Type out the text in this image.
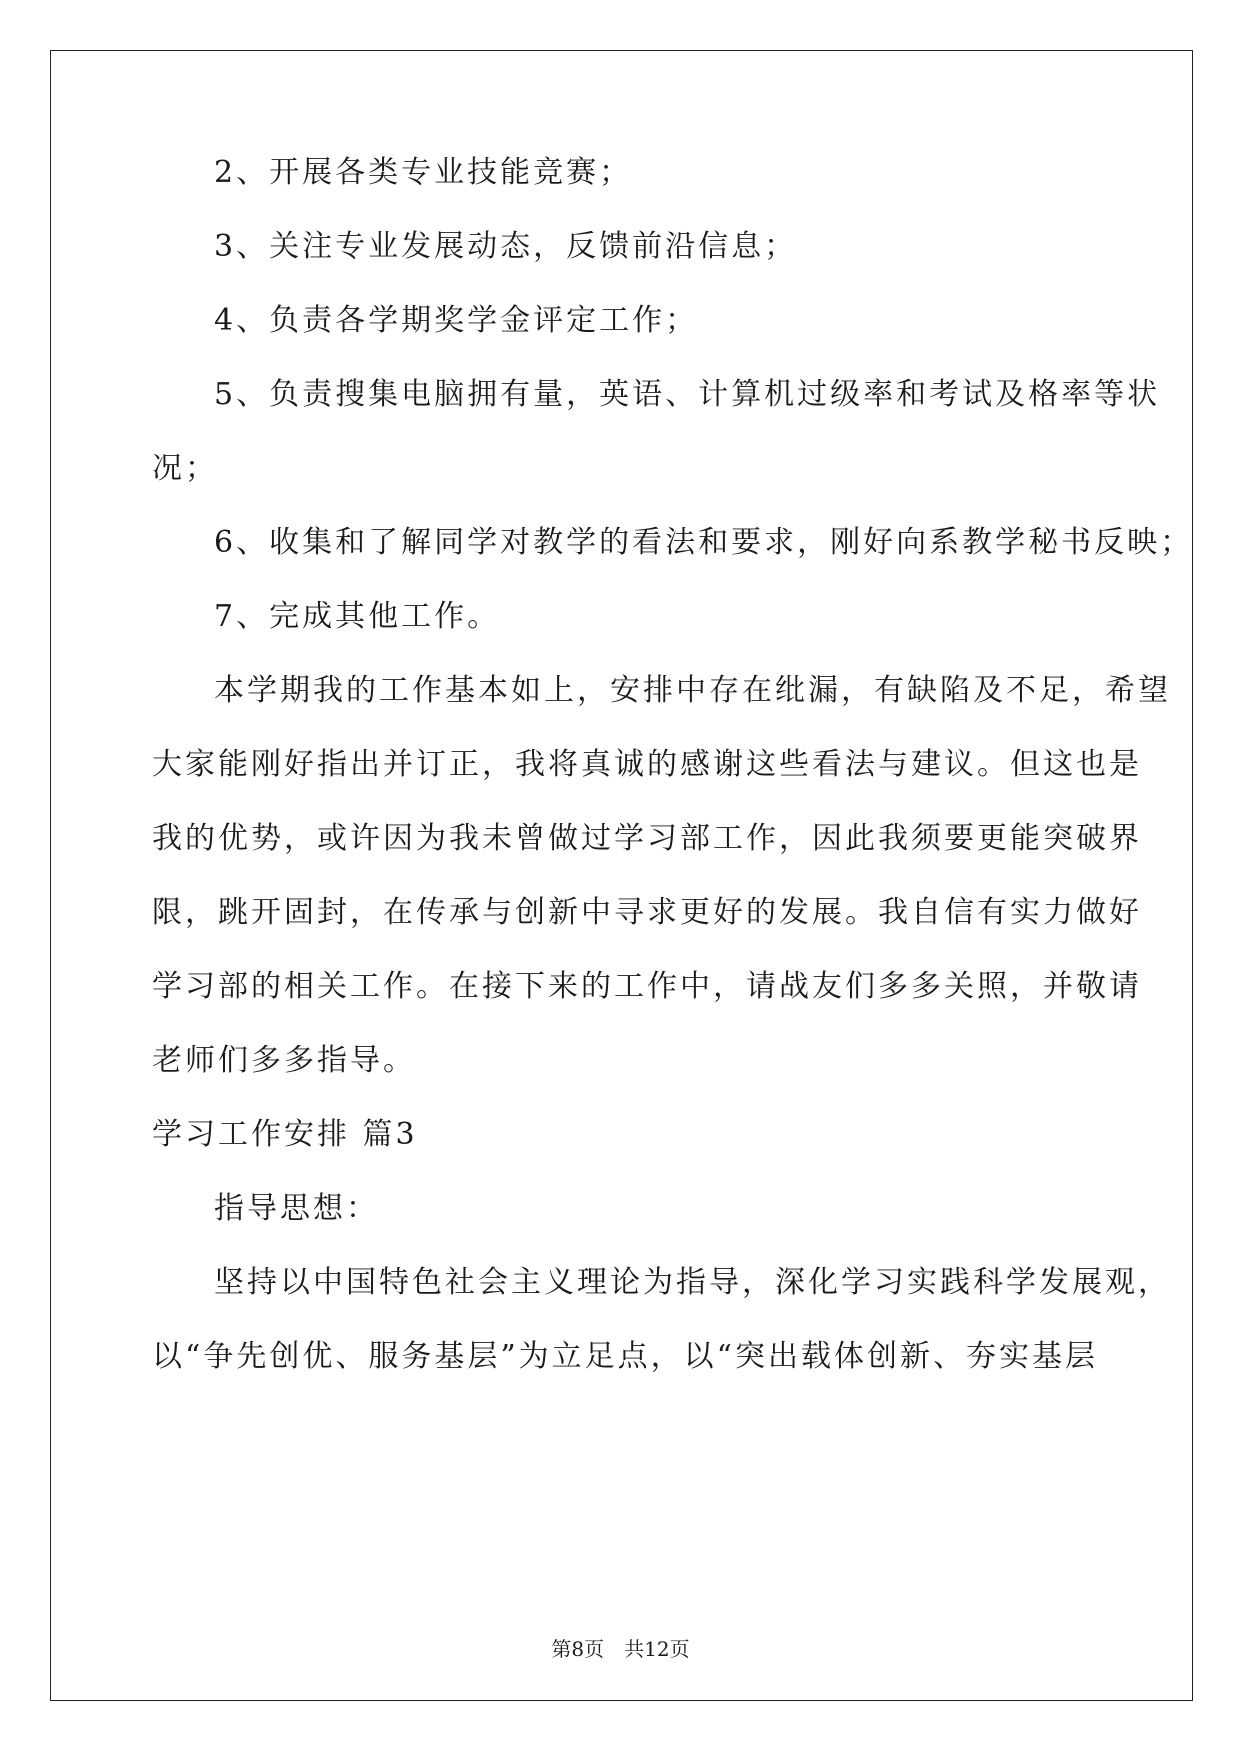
2、开展各类专业技能竞赛；
3、关注专业发展动态，反馈前沿信息；
4、负责各学期奖学金评定工作；
5、负责搜集电脑拥有量，英语、计算机过级率和考试及格率等状
况；
6、收集和了解同学对教学的看法和要求，刚好向系教学秘书反映；
7、完成其他工作。
本学期我的工作基本如上，安排中存在纰漏，有缺陷及不足，希望
大家能刚好指出并订正，我将真诚的感谢这些看法与建议。但这也是
我的优势，或许因为我未曾做过学习部工作，因此我须要更能突破界
限，跳开固封，在传承与创新中寻求更好的发展。我自信有实力做好
学习部的相关工作。在接下来的工作中，请战友们多多关照，并敬请
老师们多多指导。
学习工作安排 篇3
指导思想：
坚持以中国特色社会主义理论为指导，深化学习实践科学发展观，
以“争先创优、服务基层”为立足点，以“突出载体创新、夯实基层
第8页　共12页
